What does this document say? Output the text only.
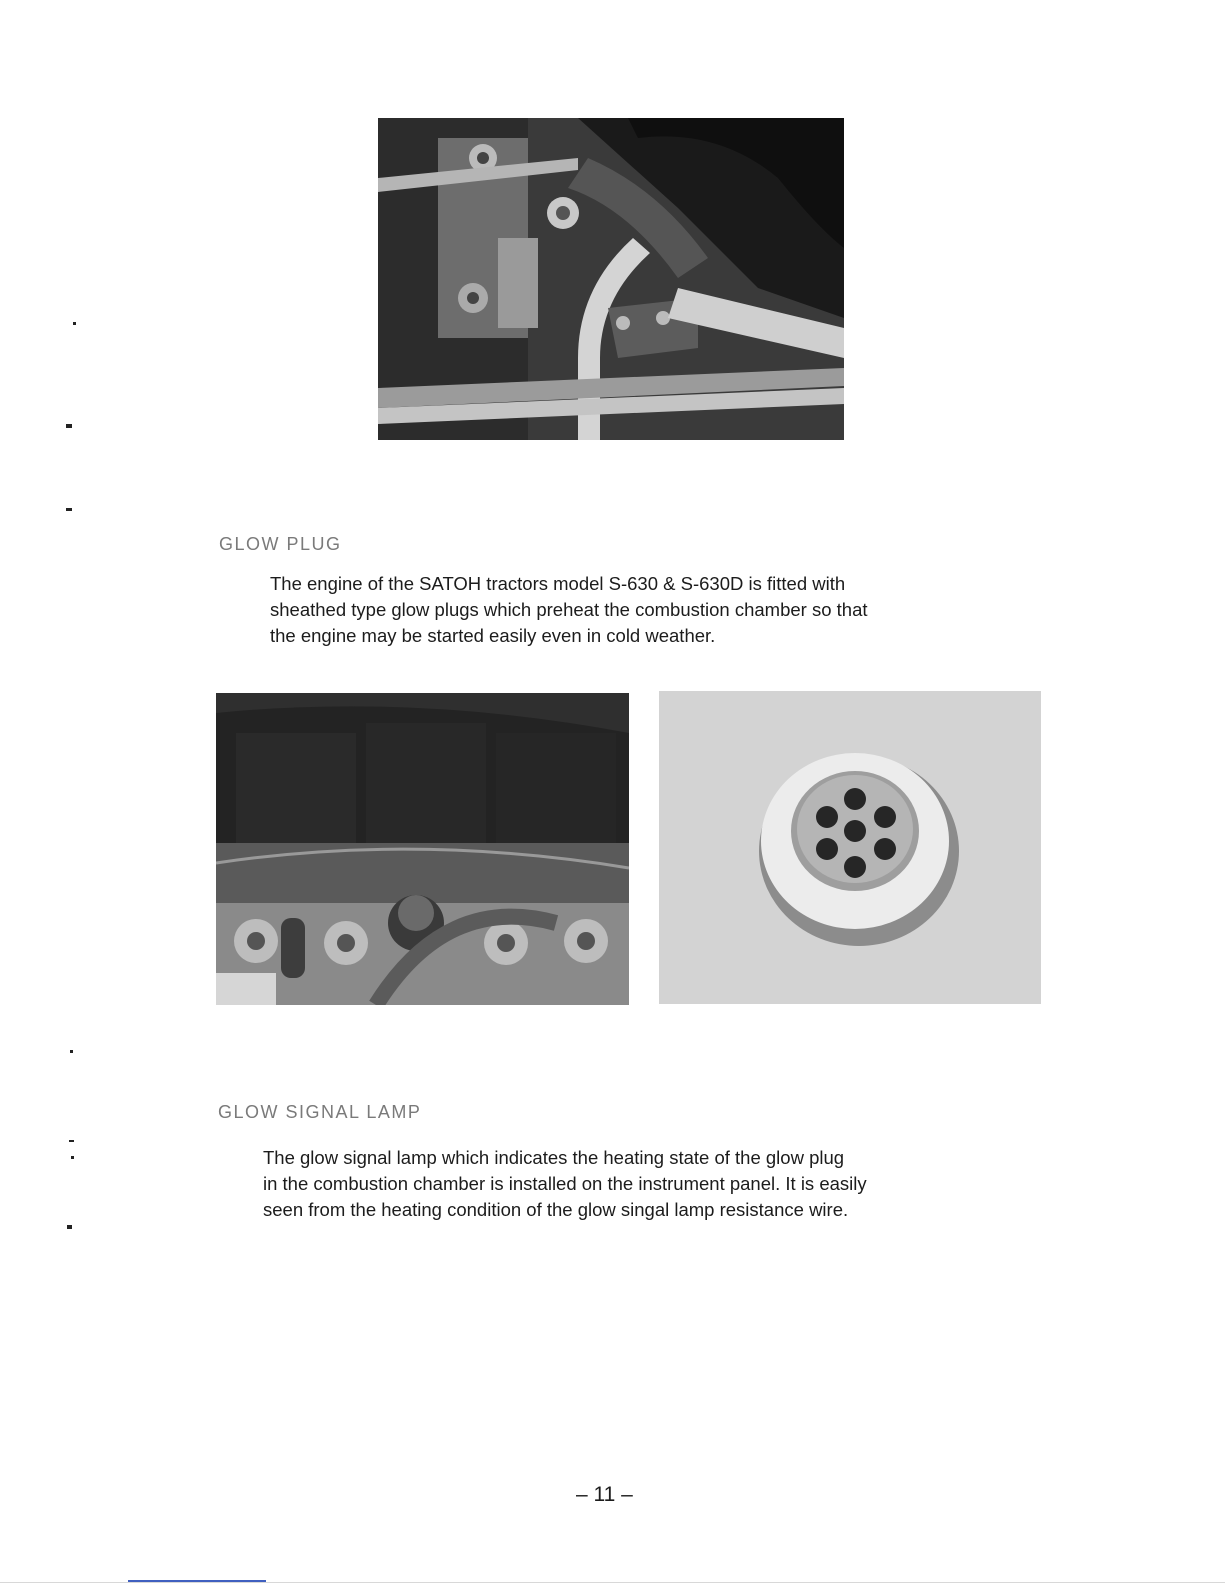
GLOW PLUG
The engine of the SATOH tractors model S-630 & S-630D is fitted with
sheathed type glow plugs which preheat the combustion chamber so that
the engine may be started easily even in cold weather.
GLOW SIGNAL LAMP
The glow signal lamp which indicates the heating state of the glow plug
in the combustion chamber is installed on the instrument panel. It is easily
seen from the heating condition of the glow singal lamp resistance wire.
– 11 –
